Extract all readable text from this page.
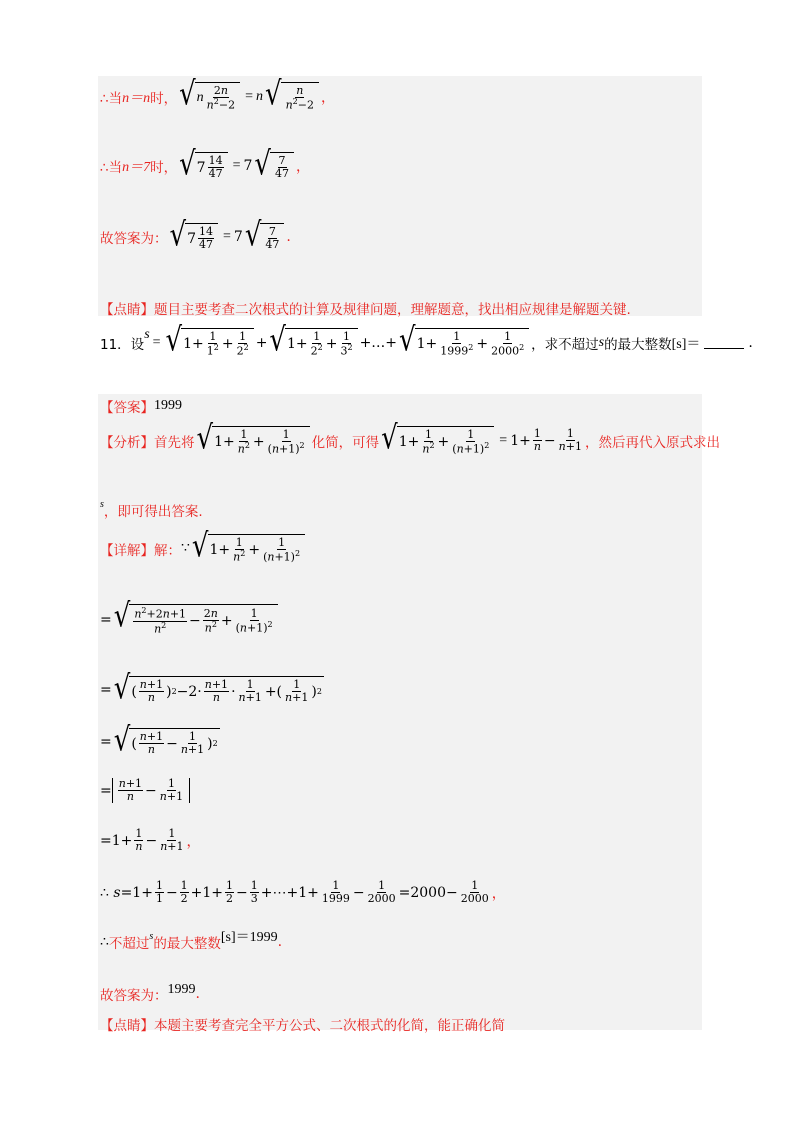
∴当 n＝n 时， √ n $\frac{2n}{n^2-2} = n$ √ $\frac{n}{n^2-2}$ ，
∴当 n＝7 时， √ $7 \frac{14}{47} = 7$ √ $\frac{7}{47}$ ，
故答案为： √ $7 \frac{14}{47} = 7$ √ $\frac{7}{47}$ .
【点睛】 题目主要考查二次根式的计算及规律问题，理解题意，找出相应规律是解题关键.
11．设
s
= √ $1+ \frac{1}{1^2} + \frac{1}{2^2}$ + √ $1+ \frac{1}{2^2} + \frac{1}{3^2}$ +…+ √ $1+ \frac{1}{1999^2} + \frac{1}{2000^2}$ ，求不超过 s 的最大整数 [s]＝	.
【答案】 1999
【分析】 首先将 √ $1+ \frac{1}{n^2} + \frac{1}{(n+1)^2}$ 化简，可得 √ $1+ \frac{1}{n^2} + \frac{1}{(n+1)^2} = 1+ \frac{1}{n} - \frac{1}{n+1}$ ，然后再代入原式求出
s ，即可得出答案.
【详解】 解： ∵ √ $1+ \frac{1}{n^2} + \frac{1}{(n+1)^2}$
= √ $\frac{n^2+2n+1}{n^2} - \frac{2n}{n^2} + \frac{1}{(n+1)^2}$
= √ ( $\frac{n+1}{n}$ ) $2 -2\cdot \frac{n+1}{n} \cdot \frac{1}{n+1}$ +( $\frac{1}{n+1}$ ) 2
= √ ( $\frac{n+1}{n} - \frac{1}{n+1}$ ) 2
= $\frac{n+1}{n} - \frac{1}{n+1}$
$=1+ \frac{1}{n} - \frac{1}{n+1}$ ，
∴
$s =1+ \frac{1}{1} - \frac{1}{2} +1+ \frac{1}{2} - \frac{1}{3}$ +⋯+1+ $\frac{1}{1999} - \frac{1}{2000} =2000- \frac{1}{2000}$ ，
∴ 不超过 s 的最大整数 [s]＝1999 .
故答案为： 1999 .
【点睛】 本题主要考查完全平方公式、二次根式的化简，能正确化简
